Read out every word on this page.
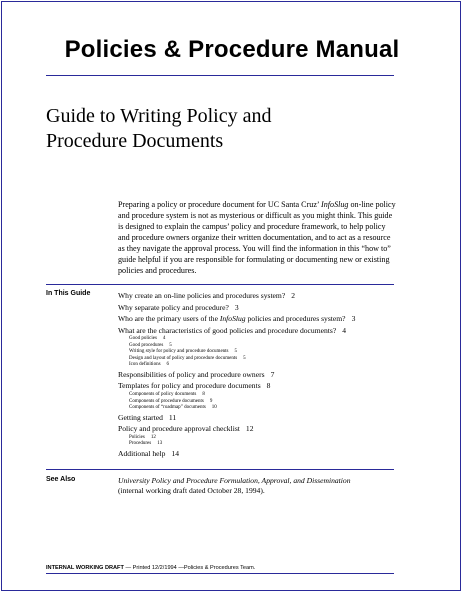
Policies & Procedure Manual
Guide to Writing Policy and
Procedure Documents
Preparing a policy or procedure document for UC Santa Cruz’ InfoSlug on-line policy and procedure system is not as mysterious or difficult as you might think. This guide is designed to explain the campus’ policy and procedure framework, to help policy and procedure owners organize their written documentation, and to act as a resource as they navigate the approval process. You will find the information in this “how to” guide helpful if you are responsible for formulating or documenting new or existing policies and procedures.
In This Guide	Why create an on-line policies and procedures system? 2
Why separate policy and procedure? 3
Who are the primary users of the InfoSlug policies and procedures system? 3
What are the characteristics of good policies and procedure documents? 4
Good policies 4
Good procedures 5
Writing style for policy and procedure documents 5
Design and layout of policy and procedure documents 5
Icon definitions 6
Responsibilities of policy and procedure owners 7
Templates for policy and procedure documents 8
Components of policy documents 8
Components of procedure documents 9
Components of “roadmap” documents 10
Getting started 11
Policy and procedure approval checklist 12
Policies 12
Procedures 13
Additional help 14
See Also	University Policy and Procedure Formulation, Approval, and Dissemination
(internal working draft dated October 28, 1994).
INTERNAL WORKING DRAFT — Printed 12/2/1994 —Policies & Procedures Team.
